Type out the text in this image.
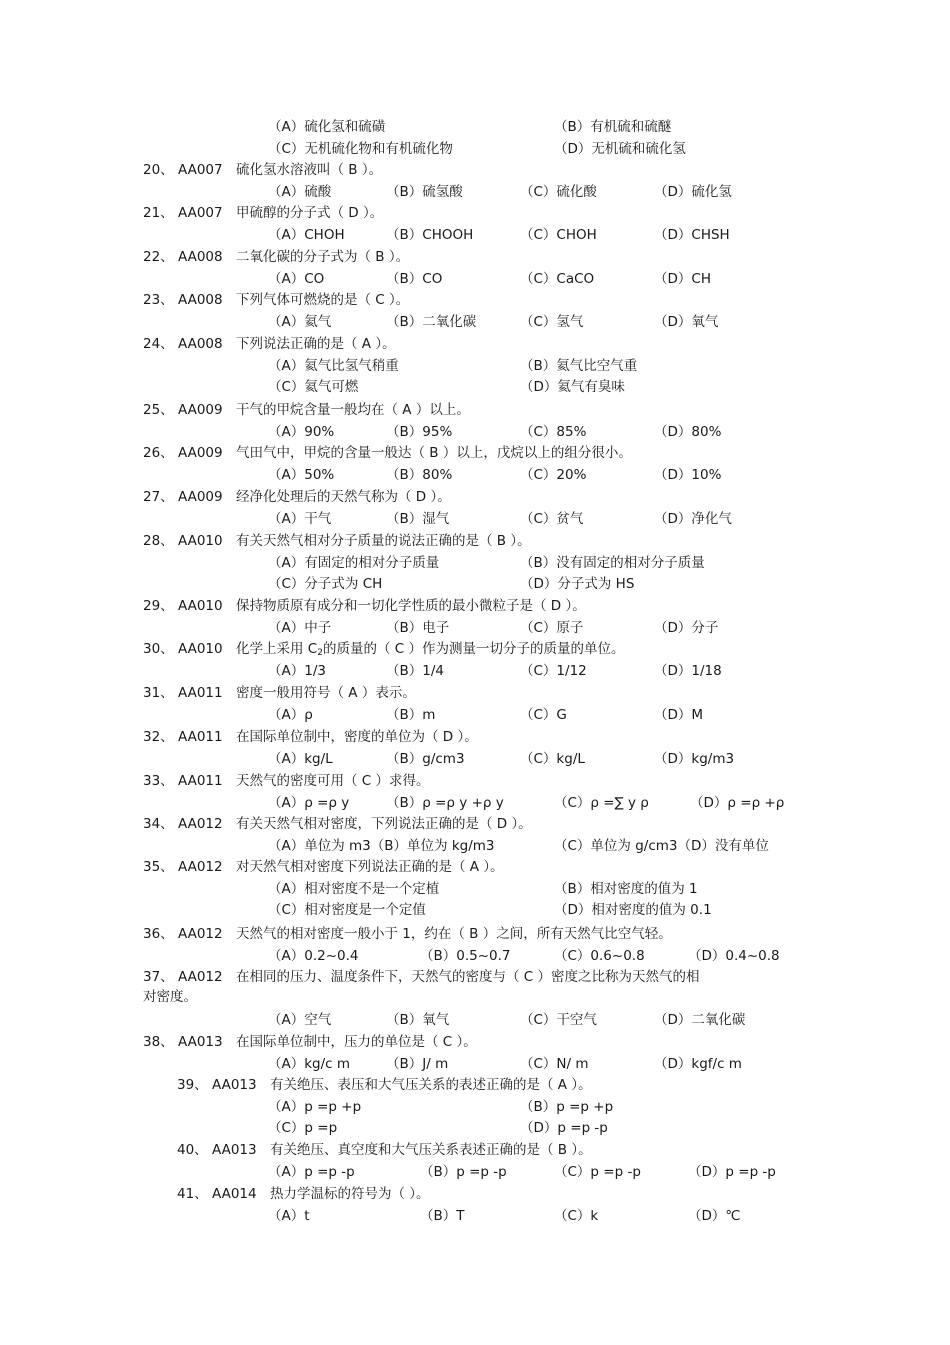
（A）硫化氢和硫磺	（B）有机硫和硫醚
（C）无机硫化物和有机硫化物	（D）无机硫和硫化氢
20、 AA007 硫化氢水溶液叫（ B ）。
（A）硫酸	（B）硫氢酸	（C）硫化酸	（D）硫化氢
21、 AA007 甲硫醇的分子式（ D ）。
（A）CHOH	（B）CHOOH	（C）CHOH	（D）CHSH
22、 AA008 二氧化碳的分子式为（ B ）。
（A）CO	（B）CO	（C）CaCO	（D）CH
23、 AA008 下列气体可燃烧的是（ C ）。
（A）氦气	（B）二氧化碳	（C）氢气	（D）氧气
24、 AA008 下列说法正确的是（ A ）。
（A）氦气比氢气稍重	（B）氦气比空气重
（C）氦气可燃	（D）氦气有臭味
25、 AA009 干气的甲烷含量一般均在（ A ）以上。
（A）90%	（B）95%	（C）85%	（D）80%
26、 AA009 气田气中，甲烷的含量一般达（ B ）以上，戊烷以上的组分很小。
（A）50%	（B）80%	（C）20%	（D）10%
27、 AA009 经净化处理后的天然气称为（ D ）。
（A）干气	（B）湿气	（C）贫气	（D）净化气
28、 AA010 有关天然气相对分子质量的说法正确的是（ B ）。
（A）有固定的相对分子质量	（B）没有固定的相对分子质量
（C）分子式为 CH	（D）分子式为 HS
29、 AA010 保持物质原有成分和一切化学性质的最小微粒子是（ D ）。
（A）中子	（B）电子	（C）原子	（D）分子
30、 AA010 化学上采用 $C_2$的质量的（ C ）作为测量一切分子的质量的单位。
（A）1/3	（B）1/4	（C）1/12	（D）1/18
31、 AA011 密度一般用符号（ A ）表示。
（A）ρ	（B）m	（C）G	（D）M
32、 AA011 在国际单位制中，密度的单位为（ D ）。
（A）kg/L	（B）g/cm3	（C）kg/L	（D）kg/m3
33、 AA011 天然气的密度可用（ C ）求得。
（A）ρ =ρ y	（B）ρ =ρ y +ρ y	（C）ρ =∑ y ρ	（D）ρ =ρ +ρ
34、 AA012 有关天然气相对密度，下列说法正确的是（ D ）。
（A）单位为 m3（B）单位为 kg/m3	（C）单位为 g/cm3（D）没有单位
35、 AA012 对天然气相对密度下列说法正确的是（ A ）。
（A）相对密度不是一个定植	（B）相对密度的值为 1
（C）相对密度是一个定值	（D）相对密度的值为 0.1
36、 AA012 天然气的相对密度一般小于 1，约在（ B ）之间，所有天然气比空气轻。
（A）0.2~0.4	（B）0.5~0.7	（C）0.6~0.8	（D）0.4~0.8
37、 AA012 在相同的压力、温度条件下，天然气的密度与（ C ）密度之比称为天然气的相
对密度。
（A）空气	（B）氧气	（C）干空气	（D）二氧化碳
38、 AA013 在国际单位制中，压力的单位是（ C ）。
（A）kg/c m	（B）J/ m	（C）N/ m	（D）kgf/c m
39、 AA013 有关绝压、表压和大气压关系的表述正确的是（ A ）。
（A）p =p +p	（B）p =p +p
（C）p =p	（D）p =p -p
40、 AA013 有关绝压、真空度和大气压关系表述正确的是（ B ）。
（A）p =p -p	（B）p =p -p	（C）p =p -p	（D）p =p -p
41、 AA014 热力学温标的符号为（ ）。
（A）t	（B）T	（C）k	（D）℃
